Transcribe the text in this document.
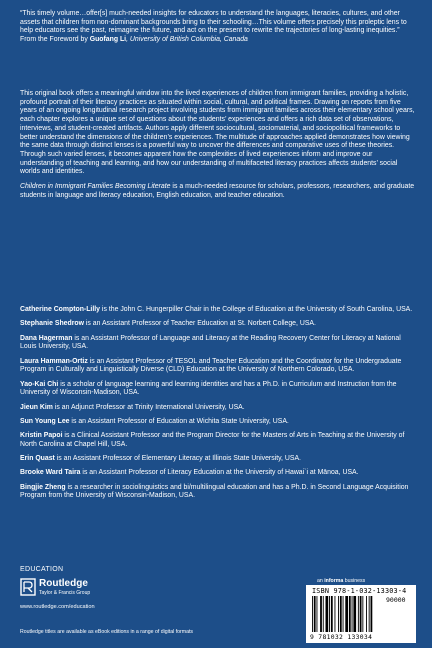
“This timely volume…offer[s] much-needed insights for educators to understand the languages, literacies, cultures, and other assets that children from non-dominant backgrounds bring to their schooling…This volume offers precisely this proleptic lens to help educators see the past, reimagine the future, and act on the present to rewrite the trajectories of long-lasting inequities.”
From the Foreword by Guofang Li, University of British Columbia, Canada

This original book offers a meaningful window into the lived experiences of children from immigrant families, providing a holistic, profound portrait of their literacy practices as situated within social, cultural, and political frames. Drawing on reports from five years of an ongoing longitudinal research project involving students from immigrant families across their elementary school years, each chapter explores a unique set of questions about the students’ experiences and offers a rich data set of observations, interviews, and student-created artifacts. Authors apply different sociocultural, sociomaterial, and sociopolitical frameworks to better understand the dimensions of the children’s experiences. The multitude of approaches applied demonstrates how viewing the same data through distinct lenses is a powerful way to uncover the differences and comparative uses of these theories. Through such varied lenses, it becomes apparent how the complexities of lived experiences inform and improve our understanding of teaching and learning, and how our understanding of multifaceted literacy practices affects students’ social worlds and identities.

Children in Immigrant Families Becoming Literate is a much-needed resource for scholars, professors, researchers, and graduate students in language and literacy education, English education, and teacher education.

Catherine Compton-Lilly is the John C. Hungerpiller Chair in the College of Education at the University of South Carolina, USA.
Stephanie Shedrow is an Assistant Professor of Teacher Education at St. Norbert College, USA.
Dana Hagerman is an Assistant Professor of Language and Literacy at the Reading Recovery Center for Literacy at National Louis University, USA.
Laura Hamman-Ortiz is an Assistant Professor of TESOL and Teacher Education and the Coordinator for the Undergraduate Program in Culturally and Linguistically Diverse (CLD) Education at the University of Northern Colorado, USA.
Yao-Kai Chi is a scholar of language learning and learning identities and has a Ph.D. in Curriculum and Instruction from the University of Wisconsin-Madison, USA.
Jieun Kim is an Adjunct Professor at Trinity International University, USA.
Sun Young Lee is an Assistant Professor of Education at Wichita State University, USA.
Kristin Papoi is a Clinical Assistant Professor and the Program Director for the Masters of Arts in Teaching at the University of North Carolina at Chapel Hill, USA.
Erin Quast is an Assistant Professor of Elementary Literacy at Illinois State University, USA.
Brooke Ward Taira is an Assistant Professor of Literacy Education at the University of Hawai`i at Mānoa, USA.
Bingjie Zheng is a researcher in sociolinguistics and bi/multilingual education and has a Ph.D. in Second Language Acquisition Program from the University of Wisconsin-Madison, USA.
EDUCATION
Routledge
Taylor & Francis Group
www.routledge.com/education
Routledge titles are available as eBook editions in a range of digital formats
an informa business
ISBN 978-1-032-13303-4
90000
9 781032 133034
